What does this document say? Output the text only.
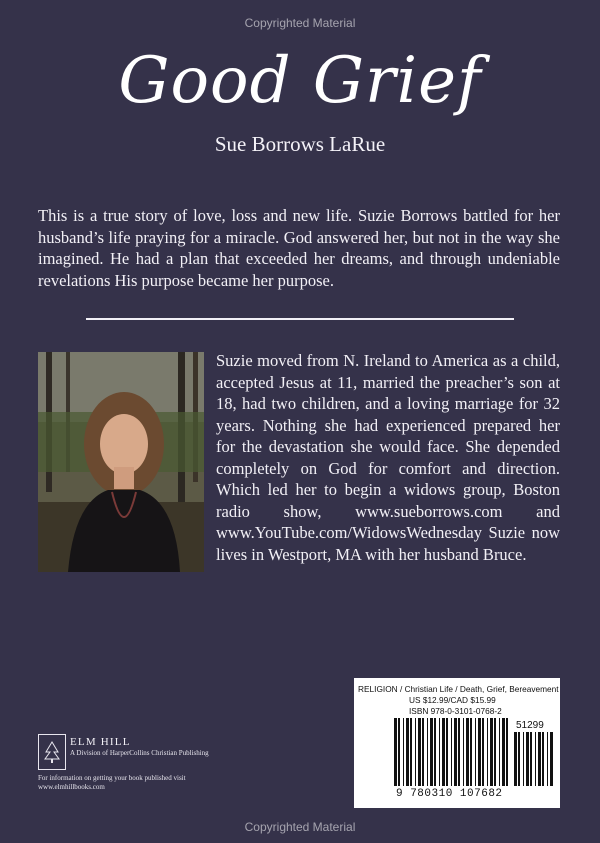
Copyrighted Material
Good Grief
Sue Borrows LaRue
This is a true story of love, loss and new life. Suzie Borrows battled for her husband’s life praying for a miracle. God answered her, but not in the way she imagined. He had a plan that exceeded her dreams, and through undeniable revelations His purpose became her purpose.
Suzie moved from N. Ireland to America as a child, accepted Jesus at 11, married the preacher’s son at 18, had two children, and a loving marriage for 32 years. Nothing she had experienced prepared her for the devastation she would face. She depended completely on God for comfort and direction. Which led her to begin a widows group, Boston radio show, www.sueborrows.com and www.YouTube.com/WidowsWednesday Suzie now lives in Westport, MA with her husband Bruce.
ELM HILL
A Division of HarperCollins Christian Publishing
For information on getting your book published visit www.elmhillbooks.com
RELIGION / Christian Life / Death, Grief, Bereavement
US $12.99/CAD $15.99
ISBN 978-0-3101-0768-2
51299
9 780310 107682
Copyrighted Material
